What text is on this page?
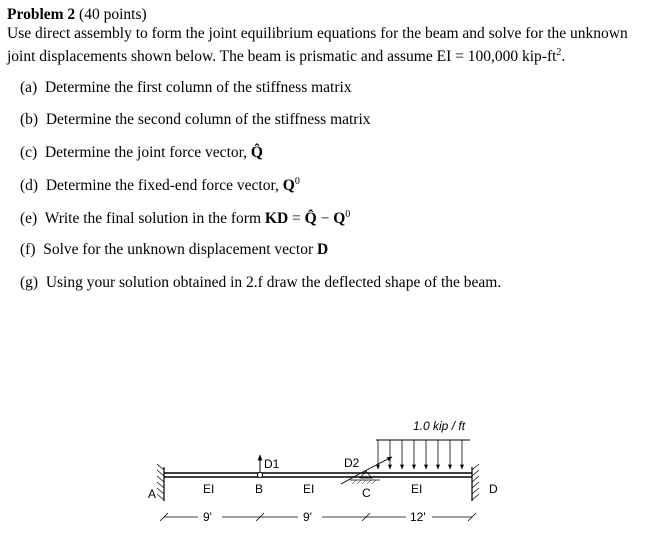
Problem 2 (40 points)
Use direct assembly to form the joint equilibrium equations for the beam and solve for the unknown
joint displacements shown below. The beam is prismatic and assume EI = 100,000 kip-$ft^2$.
(a) Determine the first column of the stiffness matrix
(b) Determine the second column of the stiffness matrix
(c) Determine the joint force vector, Q̂
(d) Determine the fixed-end force vector, $Q^0$
(e) Write the final solution in the form KD = Q̂ − $Q^0$
(f) Solve for the unknown displacement vector D
(g) Using your solution obtained in 2.f draw the deflected shape of the beam.
1.0 kip / ft
D1	D2
A	B	C	D
EI	EI	EI
9'	9'	12'
